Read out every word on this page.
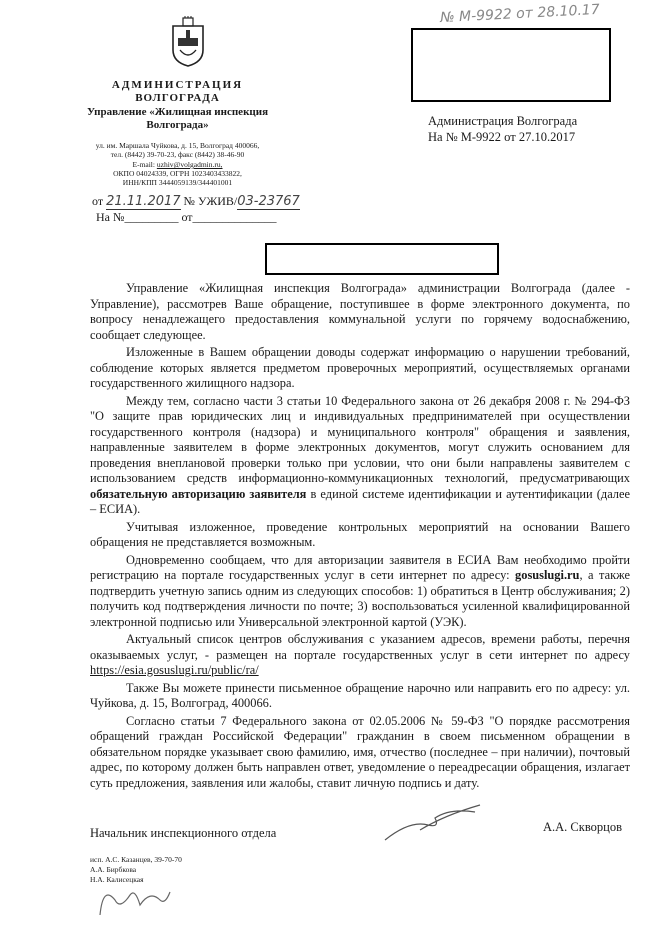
АДМИНИСТРАЦИЯ
ВОЛГОГРАДА
Управление «Жилищная инспекция
Волгограда»
ул. им. Маршала Чуйкова, д. 15, Волгоград 400066,
тел. (8442) 39-70-23, факс (8442) 38-46-90
E-mail: uzhiv@volgadmin.ru,
ОКПО 04024339, ОГРН 1023403433822,
ИНН/КПП 3444059139/344401001
от 21.11.2017 № УЖИВ/03-23767
На №_________ от______________
№ М-9922 от 28.10.17
Администрация Волгограда
На № М-9922 от 27.10.2017

Управление «Жилищная инспекция Волгограда» администрации Волгограда (далее - Управление), рассмотрев Ваше обращение, поступившее в форме электронного документа, по вопросу ненадлежащего предоставления коммунальной услуги по горячему водоснабжению, сообщает следующее.

Изложенные в Вашем обращении доводы содержат информацию о нарушении требований, соблюдение которых является предметом проверочных мероприятий, осуществляемых органами государственного жилищного надзора.

Между тем, согласно части 3 статьи 10 Федерального закона от 26 декабря 2008 г. № 294-ФЗ "О защите прав юридических лиц и индивидуальных предпринимателей при осуществлении государственного контроля (надзора) и муниципального контроля" обращения и заявления, направленные заявителем в форме электронных документов, могут служить основанием для проведения внеплановой проверки только при условии, что они были направлены заявителем с использованием средств информационно-коммуникационных технологий, предусматривающих обязательную авторизацию заявителя в единой системе идентификации и аутентификации (далее – ЕСИА).

Учитывая изложенное, проведение контрольных мероприятий на основании Вашего обращения не представляется возможным.

Одновременно сообщаем, что для авторизации заявителя в ЕСИА Вам необходимо пройти регистрацию на портале государственных услуг в сети интернет по адресу: gosuslugi.ru, а также подтвердить учетную запись одним из следующих способов: 1) обратиться в Центр обслуживания; 2) получить код подтверждения личности по почте; 3) воспользоваться усиленной квалифицированной электронной подписью или Универсальной электронной картой (УЭК).

Актуальный список центров обслуживания с указанием адресов, времени работы, перечня оказываемых услуг, - размещен на портале государственных услуг в сети интернет по адресу https://esia.gosuslugi.ru/public/ra/

Также Вы можете принести письменное обращение нарочно или направить его по адресу: ул. Чуйкова, д. 15, Волгоград, 400066.

Согласно статьи 7 Федерального закона от 02.05.2006 № 59-ФЗ "О порядке рассмотрения обращений граждан Российской Федерации" гражданин в своем письменном обращении в обязательном порядке указывает свою фамилию, имя, отчество (последнее – при наличии), почтовый адрес, по которому должен быть направлен ответ, уведомление о переадресации обращения, излагает суть предложения, заявления или жалобы, ставит личную подпись и дату.

Начальник инспекционного отдела	А.А. Скворцов
исп. А.С. Казанцев, 39-70-70
А.А. Бирбкова
Н.А. Калисецкая
